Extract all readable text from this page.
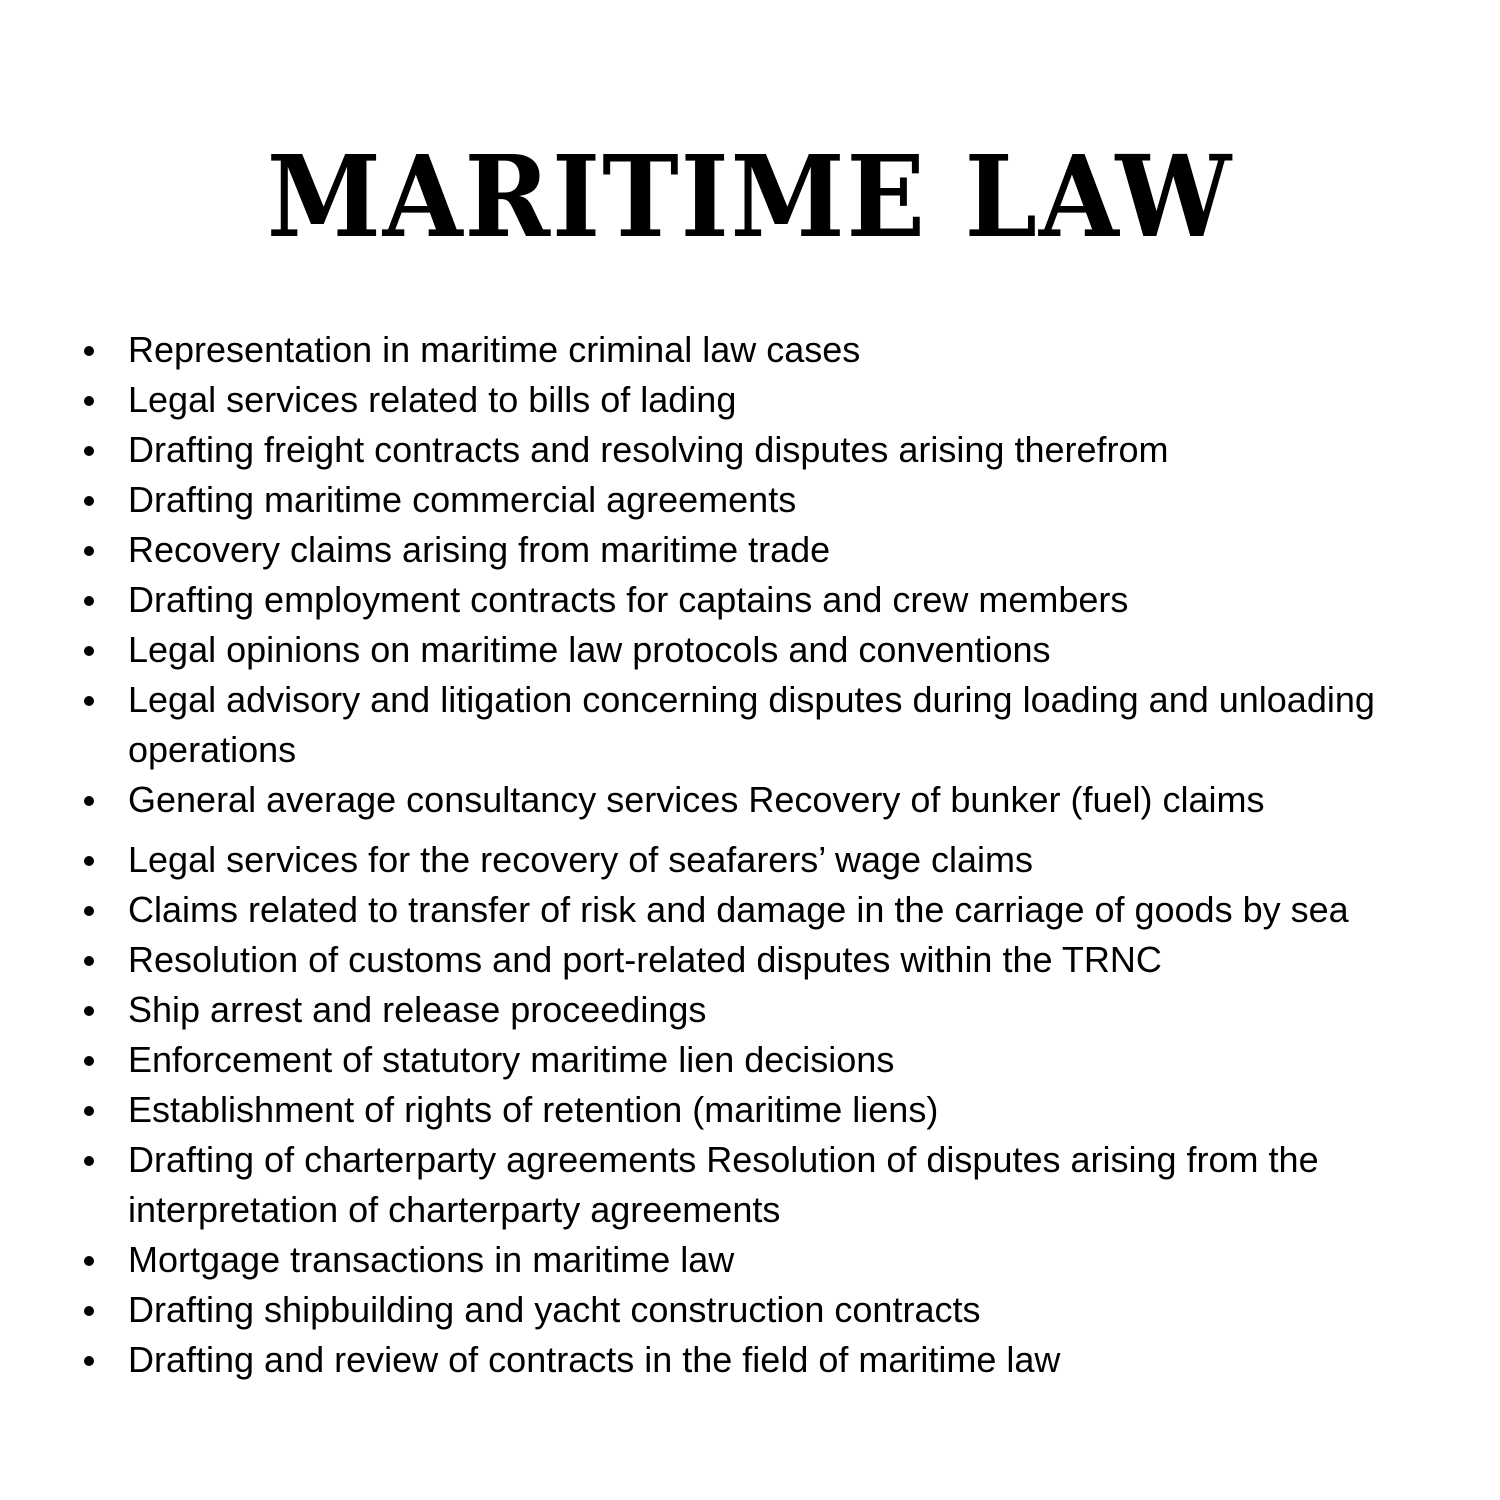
MARITIME LAW
Representation in maritime criminal law cases
Legal services related to bills of lading
Drafting freight contracts and resolving disputes arising therefrom
Drafting maritime commercial agreements
Recovery claims arising from maritime trade
Drafting employment contracts for captains and crew members
Legal opinions on maritime law protocols and conventions
Legal advisory and litigation concerning disputes during loading and unloading operations
General average consultancy services Recovery of bunker (fuel) claims
Legal services for the recovery of seafarers’ wage claims
Claims related to transfer of risk and damage in the carriage of goods by sea
Resolution of customs and port-related disputes within the TRNC
Ship arrest and release proceedings
Enforcement of statutory maritime lien decisions
Establishment of rights of retention (maritime liens)
Drafting of charterparty agreements Resolution of disputes arising from the interpretation of charterparty agreements
Mortgage transactions in maritime law
Drafting shipbuilding and yacht construction contracts
Drafting and review of contracts in the field of maritime law
